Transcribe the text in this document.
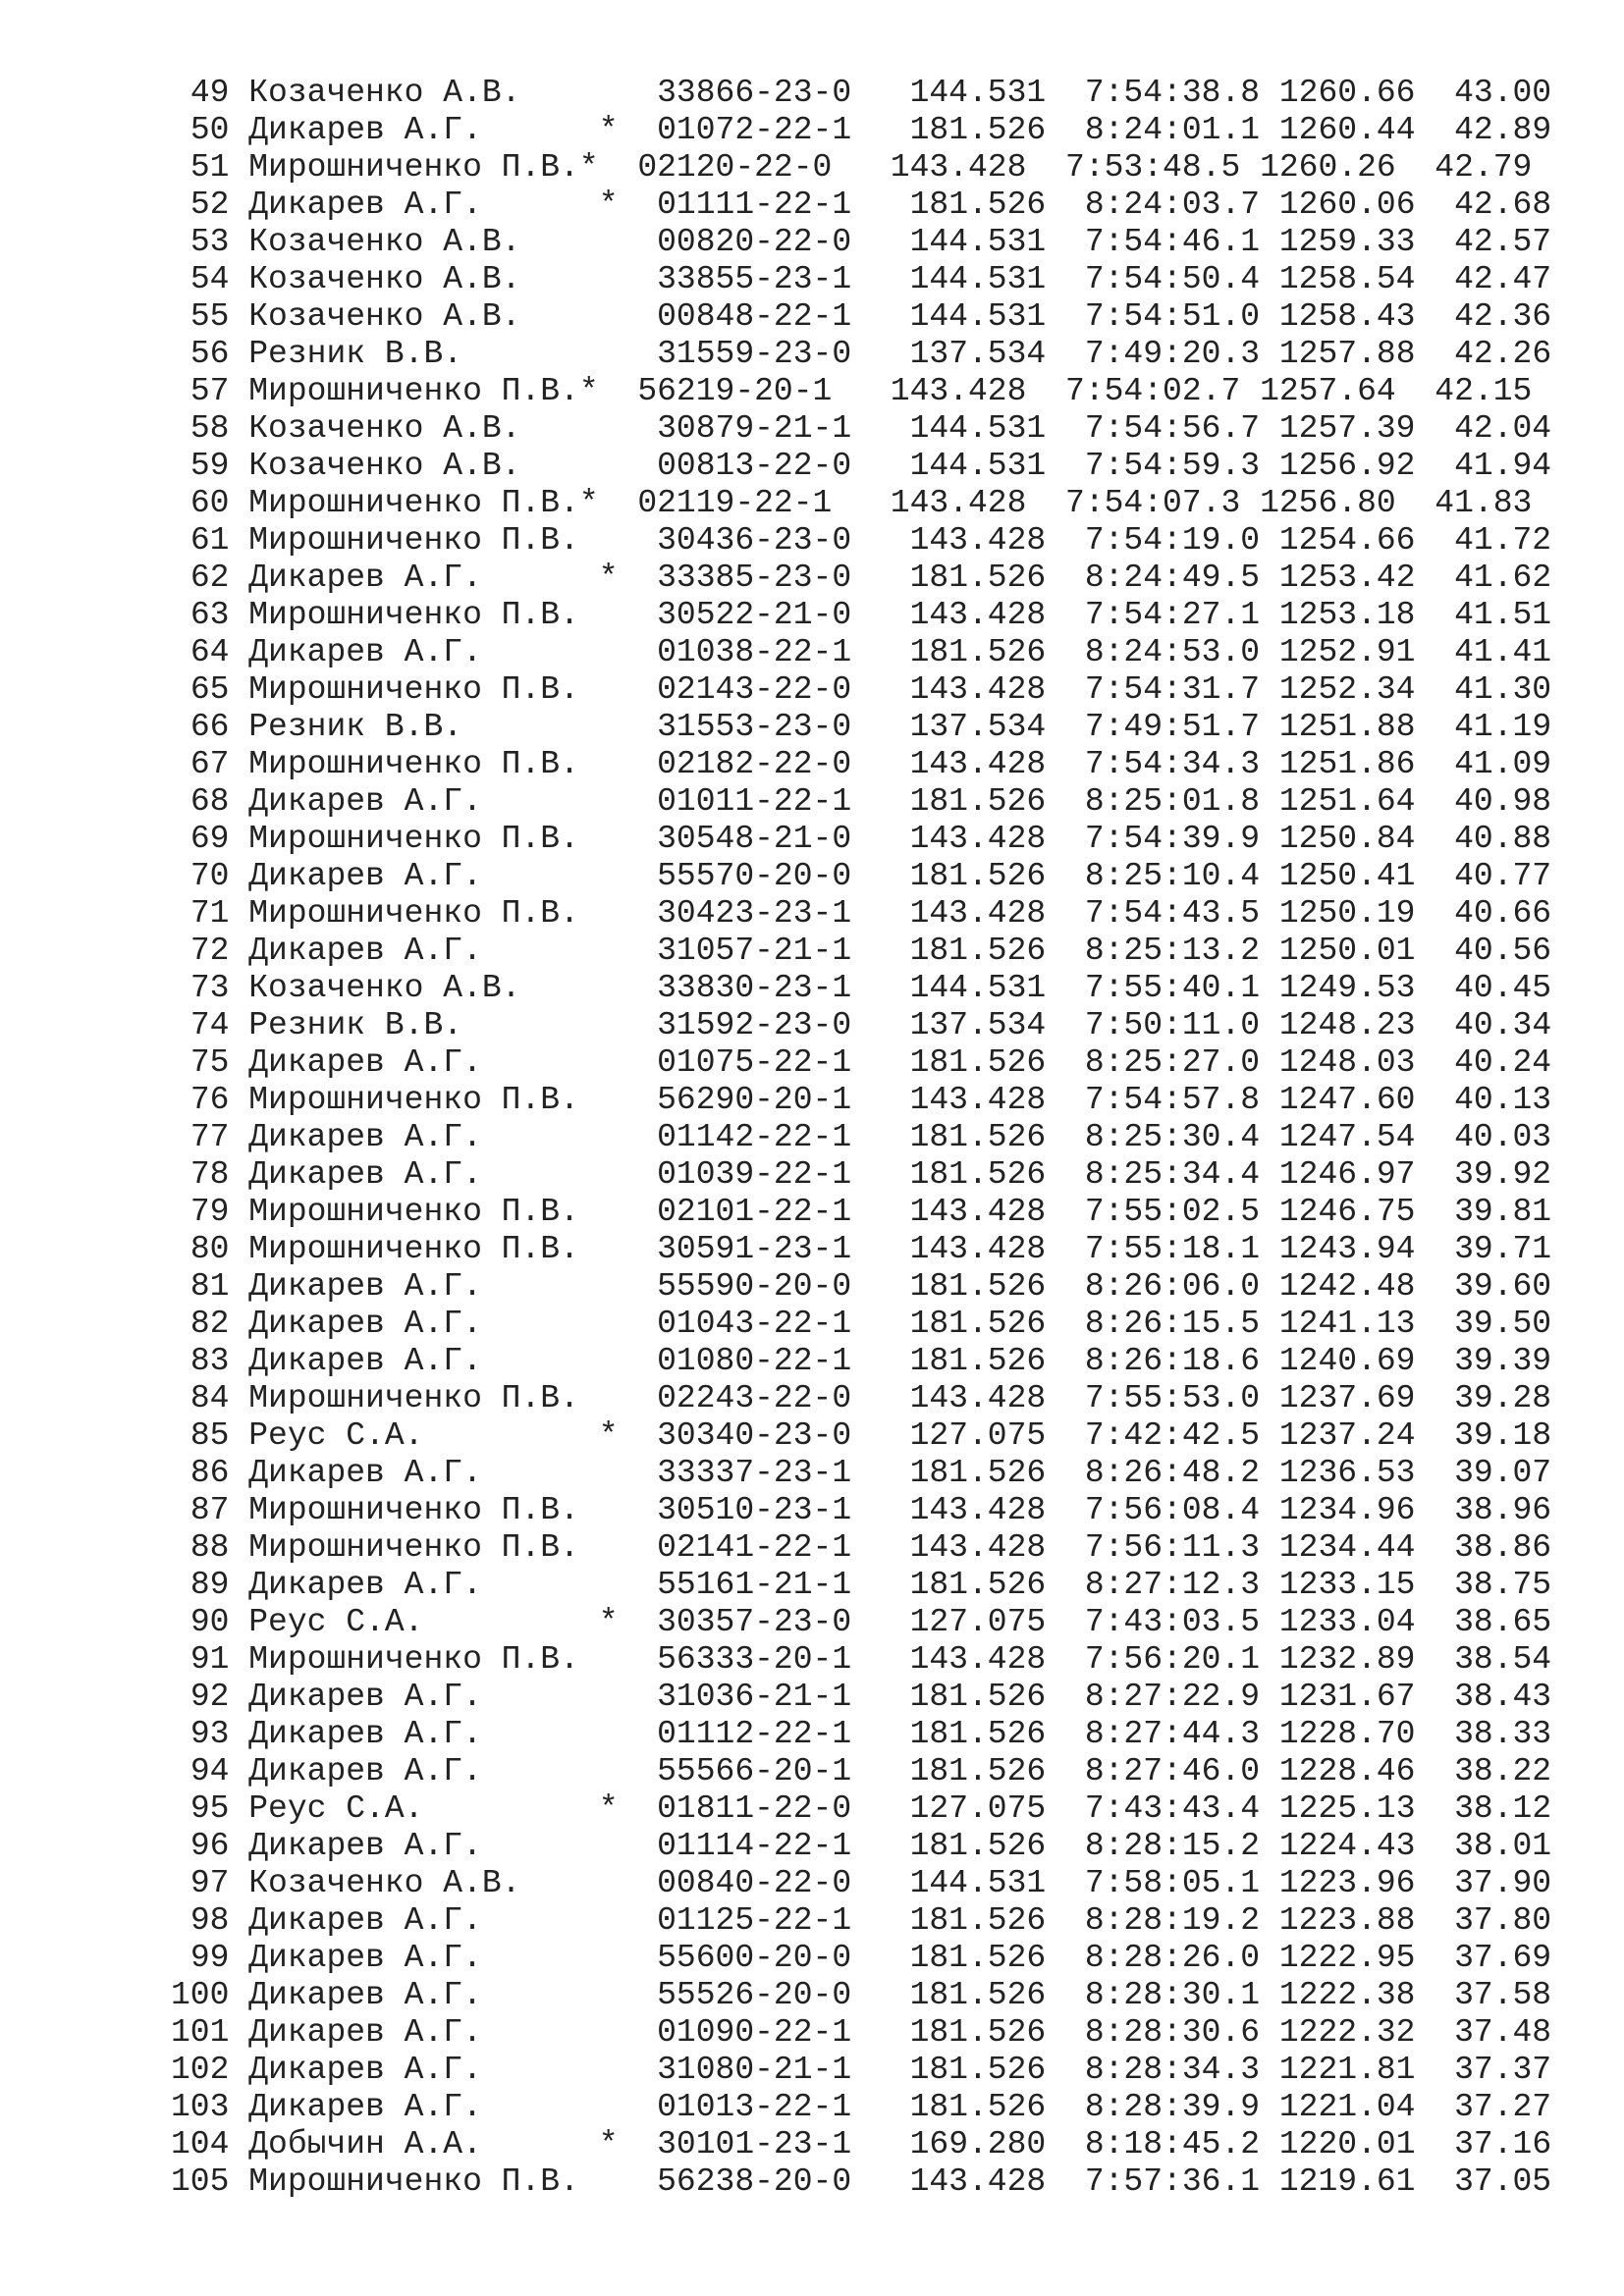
49 Козаченко А.В.	33866-23-0 144.531 7:54:38.8 1260.66 43.00
50 Дикарев А.Г.	* 01072-22-1 181.526 8:24:01.1 1260.44 42.89
51 Мирошниченко П.В.* 02120-22-0 143.428 7:53:48.5 1260.26 42.79
52 Дикарев А.Г.	* 01111-22-1 181.526 8:24:03.7 1260.06 42.68
53 Козаченко А.В.	00820-22-0 144.531 7:54:46.1 1259.33 42.57
54 Козаченко А.В.	33855-23-1 144.531 7:54:50.4 1258.54 42.47
55 Козаченко А.В.	00848-22-1 144.531 7:54:51.0 1258.43 42.36
56 Резник В.В.	31559-23-0 137.534 7:49:20.3 1257.88 42.26
57 Мирошниченко П.В.* 56219-20-1 143.428 7:54:02.7 1257.64 42.15
58 Козаченко А.В.	30879-21-1 144.531 7:54:56.7 1257.39 42.04
59 Козаченко А.В.	00813-22-0 144.531 7:54:59.3 1256.92 41.94
60 Мирошниченко П.В.* 02119-22-1 143.428 7:54:07.3 1256.80 41.83
61 Мирошниченко П.В. 30436-23-0 143.428 7:54:19.0 1254.66 41.72
62 Дикарев А.Г.	* 33385-23-0 181.526 8:24:49.5 1253.42 41.62
63 Мирошниченко П.В. 30522-21-0 143.428 7:54:27.1 1253.18 41.51
64 Дикарев А.Г.	01038-22-1 181.526 8:24:53.0 1252.91 41.41
65 Мирошниченко П.В. 02143-22-0 143.428 7:54:31.7 1252.34 41.30
66 Резник В.В.	31553-23-0 137.534 7:49:51.7 1251.88 41.19
67 Мирошниченко П.В. 02182-22-0 143.428 7:54:34.3 1251.86 41.09
68 Дикарев А.Г.	01011-22-1 181.526 8:25:01.8 1251.64 40.98
69 Мирошниченко П.В. 30548-21-0 143.428 7:54:39.9 1250.84 40.88
70 Дикарев А.Г.	55570-20-0 181.526 8:25:10.4 1250.41 40.77
71 Мирошниченко П.В. 30423-23-1 143.428 7:54:43.5 1250.19 40.66
72 Дикарев А.Г.	31057-21-1 181.526 8:25:13.2 1250.01 40.56
73 Козаченко А.В.	33830-23-1 144.531 7:55:40.1 1249.53 40.45
74 Резник В.В.	31592-23-0 137.534 7:50:11.0 1248.23 40.34
75 Дикарев А.Г.	01075-22-1 181.526 8:25:27.0 1248.03 40.24
76 Мирошниченко П.В. 56290-20-1 143.428 7:54:57.8 1247.60 40.13
77 Дикарев А.Г.	01142-22-1 181.526 8:25:30.4 1247.54 40.03
78 Дикарев А.Г.	01039-22-1 181.526 8:25:34.4 1246.97 39.92
79 Мирошниченко П.В. 02101-22-1 143.428 7:55:02.5 1246.75 39.81
80 Мирошниченко П.В. 30591-23-1 143.428 7:55:18.1 1243.94 39.71
81 Дикарев А.Г.	55590-20-0 181.526 8:26:06.0 1242.48 39.60
82 Дикарев А.Г.	01043-22-1 181.526 8:26:15.5 1241.13 39.50
83 Дикарев А.Г.	01080-22-1 181.526 8:26:18.6 1240.69 39.39
84 Мирошниченко П.В. 02243-22-0 143.428 7:55:53.0 1237.69 39.28
85 Реус С.А.	* 30340-23-0 127.075 7:42:42.5 1237.24 39.18
86 Дикарев А.Г.	33337-23-1 181.526 8:26:48.2 1236.53 39.07
87 Мирошниченко П.В. 30510-23-1 143.428 7:56:08.4 1234.96 38.96
88 Мирошниченко П.В. 02141-22-1 143.428 7:56:11.3 1234.44 38.86
89 Дикарев А.Г.	55161-21-1 181.526 8:27:12.3 1233.15 38.75
90 Реус С.А.	* 30357-23-0 127.075 7:43:03.5 1233.04 38.65
91 Мирошниченко П.В. 56333-20-1 143.428 7:56:20.1 1232.89 38.54
92 Дикарев А.Г.	31036-21-1 181.526 8:27:22.9 1231.67 38.43
93 Дикарев А.Г.	01112-22-1 181.526 8:27:44.3 1228.70 38.33
94 Дикарев А.Г.	55566-20-1 181.526 8:27:46.0 1228.46 38.22
95 Реус С.А.	* 01811-22-0 127.075 7:43:43.4 1225.13 38.12
96 Дикарев А.Г.	01114-22-1 181.526 8:28:15.2 1224.43 38.01
97 Козаченко А.В.	00840-22-0 144.531 7:58:05.1 1223.96 37.90
98 Дикарев А.Г.	01125-22-1 181.526 8:28:19.2 1223.88 37.80
99 Дикарев А.Г.	55600-20-0 181.526 8:28:26.0 1222.95 37.69
100 Дикарев А.Г.	55526-20-0 181.526 8:28:30.1 1222.38 37.58
101 Дикарев А.Г.	01090-22-1 181.526 8:28:30.6 1222.32 37.48
102 Дикарев А.Г.	31080-21-1 181.526 8:28:34.3 1221.81 37.37
103 Дикарев А.Г.	01013-22-1 181.526 8:28:39.9 1221.04 37.27
104 Добычин А.А.	* 30101-23-1 169.280 8:18:45.2 1220.01 37.16
105 Мирошниченко П.В. 56238-20-0 143.428 7:57:36.1 1219.61 37.05
